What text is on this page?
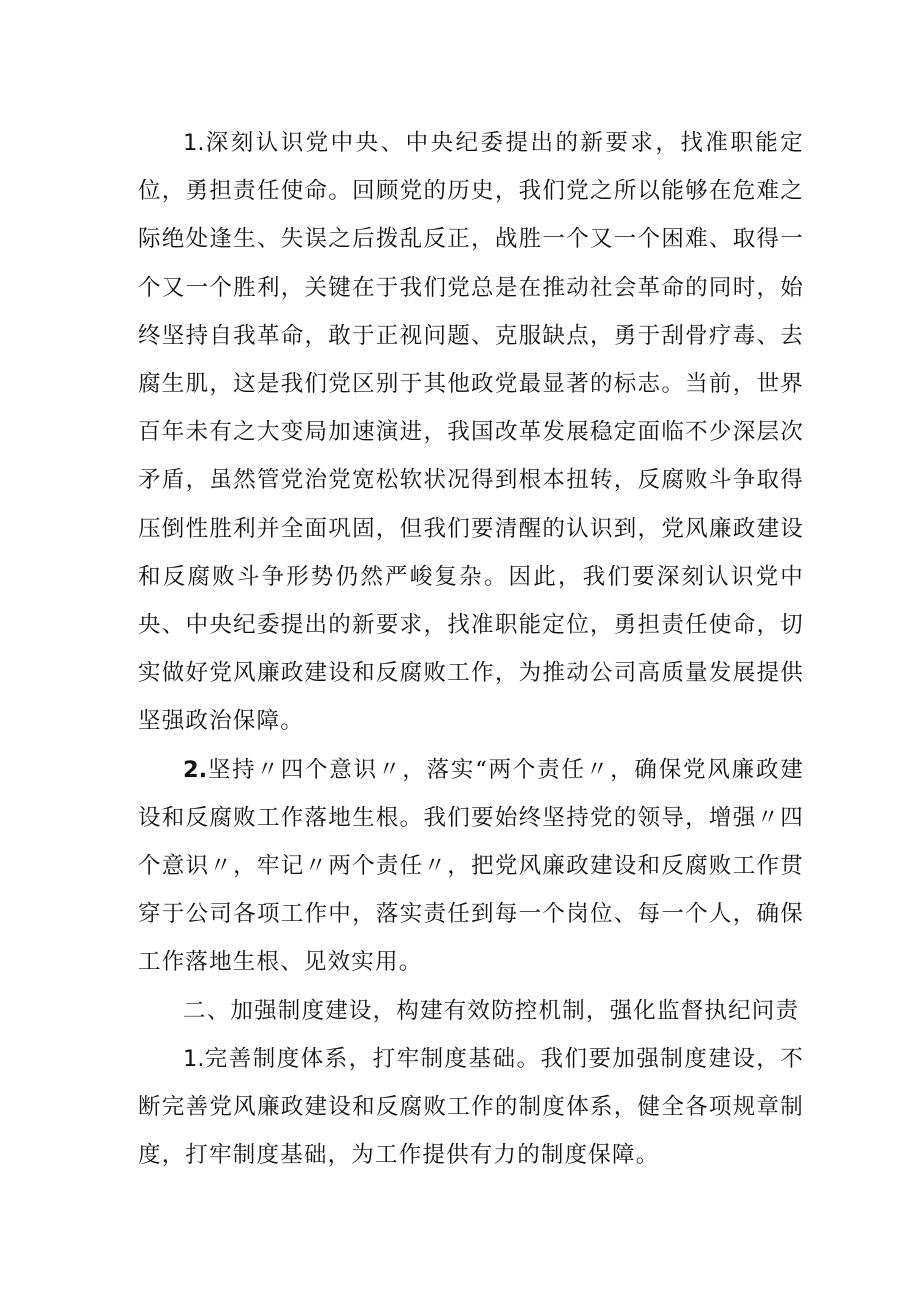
1.深刻认识党中央、中央纪委提出的新要求，找准职能定位，勇担责任使命。回顾党的历史，我们党之所以能够在危难之际绝处逢生、失误之后拨乱反正，战胜一个又一个困难、取得一个又一个胜利，关键在于我们党总是在推动社会革命的同时，始终坚持自我革命，敢于正视问题、克服缺点，勇于刮骨疗毒、去腐生肌，这是我们党区别于其他政党最显著的标志。当前，世界百年未有之大变局加速演进，我国改革发展稳定面临不少深层次矛盾，虽然管党治党宽松软状况得到根本扭转，反腐败斗争取得压倒性胜利并全面巩固，但我们要清醒的认识到，党风廉政建设和反腐败斗争形势仍然严峻复杂。因此，我们要深刻认识党中央、中央纪委提出的新要求，找准职能定位，勇担责任使命，切实做好党风廉政建设和反腐败工作，为推动公司高质量发展提供坚强政治保障。

2.坚持〃四个意识〃，落实“两个责任〃，确保党风廉政建设和反腐败工作落地生根。我们要始终坚持党的领导，增强〃四个意识〃，牢记〃两个责任〃，把党风廉政建设和反腐败工作贯穿于公司各项工作中，落实责任到每一个岗位、每一个人，确保工作落地生根、见效实用。

二、加强制度建设，构建有效防控机制，强化监督执纪问责

1.完善制度体系，打牢制度基础。我们要加强制度建设，不断完善党风廉政建设和反腐败工作的制度体系，健全各项规章制度，打牢制度基础，为工作提供有力的制度保障。
